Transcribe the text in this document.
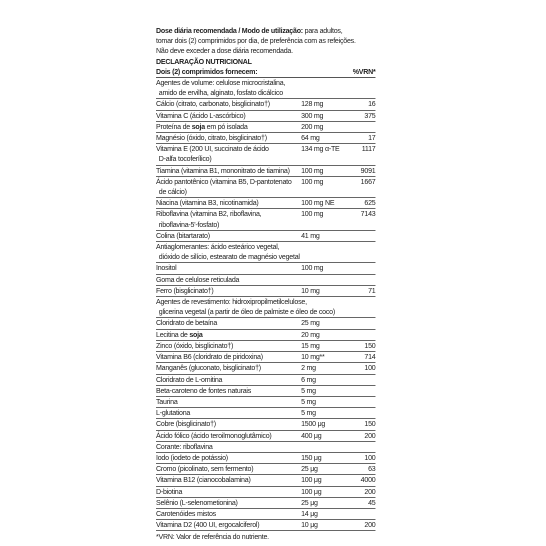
Dose diária recomendada / Modo de utilização: para adultos,
tomar dois (2) comprimidos por dia, de preferência com as refeições.
Não deve exceder a dose diária recomendada.
DECLARAÇÃO NUTRICIONAL
Dois (2) comprimidos fornecem:	%VRN*
Agentes de volume: celulose microcristalina,
amido de ervilha, alginato, fosfato dicálcico
Cálcio (citrato, carbonato, bisglicinato†)	128 mg	16
Vitamina C (ácido L-ascórbico)	300 mg	375
Proteína de soja em pó isolada	200 mg
Magnésio (óxido, citrato, bisglicinato†)	64 mg	17
Vitamina E (200 UI, succinato de ácido
D-alfa tocoferílico)
134 mg α-TE	1117
Tiamina (vitamina B1, mononitrato de tiamina)	100 mg	9091
Ácido pantotênico (vitamina B5, D-pantotenato
de cálcio)
100 mg	1667
Niacina (vitamina B3, nicotinamida)	100 mg NE	625
Riboflavina (vitamina B2, riboflavina,
riboflavina-5'-fosfato)
100 mg	7143
Colina (bitartarato)	41 mg
Antiaglomerantes: ácido esteárico vegetal,
dióxido de silício, estearato de magnésio vegetal
Inositol	100 mg
Goma de celulose reticulada
Ferro (bisglicinato†)	10 mg	71
Agentes de revestimento: hidroxipropilmetilcelulose,
glicerina vegetal (a partir de óleo de palmiste e óleo de coco)
Cloridrato de betaína	25 mg
Lecitina de soja	20 mg
Zinco (óxido, bisglicinato†)	15 mg	150
Vitamina B6 (cloridrato de piridoxina)	10 mg**	714
Manganês (gluconato, bisglicinato†)	2 mg	100
Cloridrato de L-ornitina	6 mg
Beta-caroteno de fontes naturais	5 mg
Taurina	5 mg
L-glutationa	5 mg
Cobre (bisglicinato†)	1500 μg	150
Ácido fólico (ácido teroilmonoglutâmico)	400 μg	200
Corante: riboflavina
Iodo (iodeto de potássio)	150 μg	100
Cromo (picolinato, sem fermento)	25 μg	63
Vitamina B12 (cianocobalamina)	100 μg	4000
D-biotina	100 μg	200
Selênio (L-selenometionina)	25 μg	45
Carotenóides mistos	14 μg
Vitamina D2 (400 UI, ergocalciferol)	10 μg	200
*VRN: Valor de referência do nutriente.
